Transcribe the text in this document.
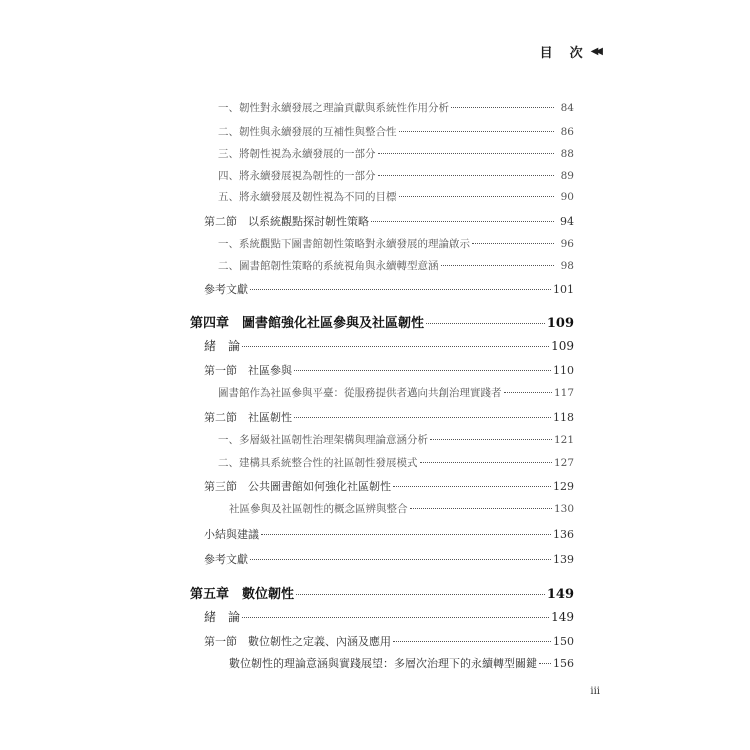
目　次 ◀◀
一、韌性對永續發展之理論貢獻與系統性作用分析	84
二、韌性與永續發展的互補性與整合性	86
三、將韌性視為永續發展的一部分	88
四、將永續發展視為韌性的一部分	89
五、將永續發展及韌性視為不同的目標	90
第二節　以系統觀點探討韌性策略	94
一、系統觀點下圖書館韌性策略對永續發展的理論啟示	96
二、圖書館韌性策略的系統視角與永續轉型意涵	98
參考文獻	101
第四章　圖書館強化社區參與及社區韌性	109
緒　論	109
第一節　社區參與	110
圖書館作為社區參與平臺：從服務提供者邁向共創治理實踐者	117
第二節　社區韌性	118
一、多層級社區韌性治理架構與理論意涵分析	121
二、建構具系統整合性的社區韌性發展模式	127
第三節　公共圖書館如何強化社區韌性	129
社區參與及社區韌性的概念區辨與整合	130
小結與建議	136
參考文獻	139
第五章　數位韌性	149
緒　論	149
第一節　數位韌性之定義、內涵及應用	150
數位韌性的理論意涵與實踐展望：多層次治理下的永續轉型關鍵 156
iii
